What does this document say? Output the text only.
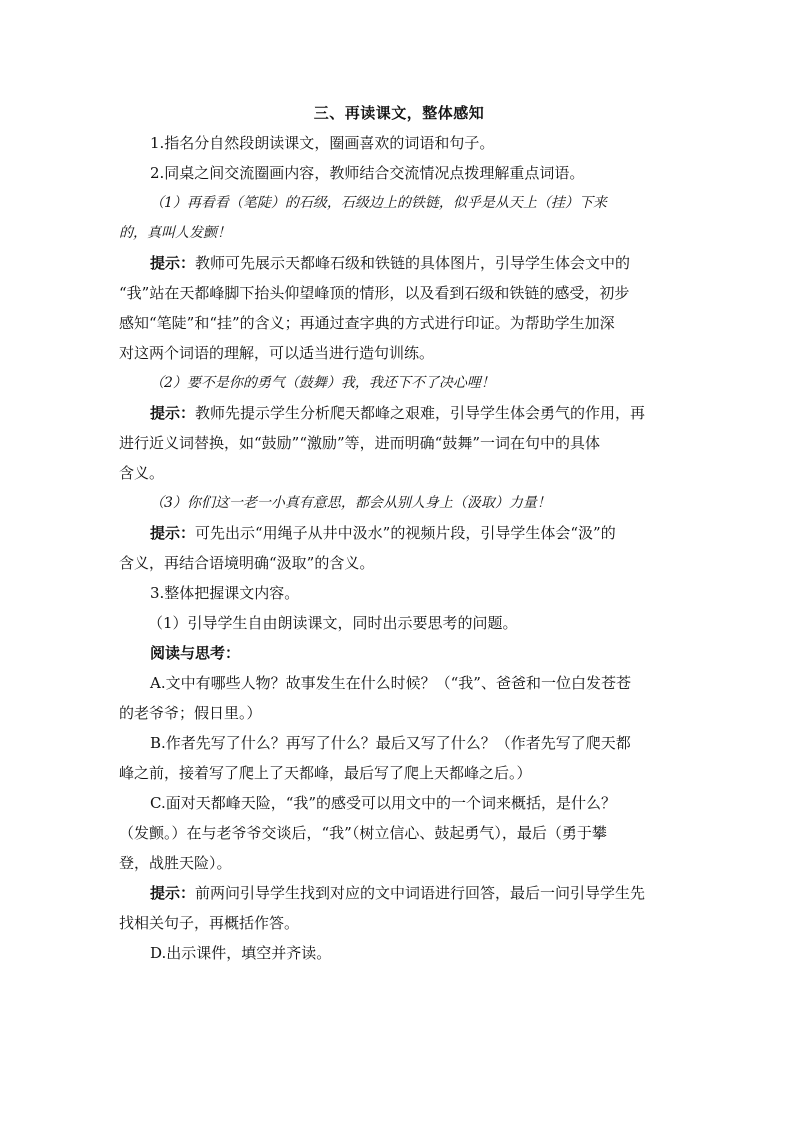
三、再读课文，整体感知
1.指名分自然段朗读课文，圈画喜欢的词语和句子。
2.同桌之间交流圈画内容，教师结合交流情况点拨理解重点词语。
（1）再看看（笔陡）的石级，石级边上的铁链，似乎是从天上（挂）下来
的，真叫人发颤！
提示：教师可先展示天都峰石级和铁链的具体图片，引导学生体会文中的
“我”站在天都峰脚下抬头仰望峰顶的情形，以及看到石级和铁链的感受，初步
感知“笔陡”和“挂”的含义；再通过查字典的方式进行印证。为帮助学生加深
对这两个词语的理解，可以适当进行造句训练。
（2）要不是你的勇气（鼓舞）我，我还下不了决心哩！
提示：教师先提示学生分析爬天都峰之艰难，引导学生体会勇气的作用，再
进行近义词替换，如“鼓励”“激励”等，进而明确“鼓舞”一词在句中的具体
含义。
（3）你们这一老一小真有意思，都会从别人身上（汲取）力量！
提示：可先出示“用绳子从井中汲水”的视频片段，引导学生体会“汲”的
含义，再结合语境明确“汲取”的含义。
3.整体把握课文内容。
（1）引导学生自由朗读课文，同时出示要思考的问题。
阅读与思考：
A.文中有哪些人物？故事发生在什么时候？（“我”、爸爸和一位白发苍苍
的老爷爷；假日里。）
B.作者先写了什么？再写了什么？最后又写了什么？（作者先写了爬天都
峰之前，接着写了爬上了天都峰，最后写了爬上天都峰之后。）
C.面对天都峰天险，“我”的感受可以用文中的一个词来概括，是什么？
（发颤。）在与老爷爷交谈后，“我”（树立信心、鼓起勇气），最后（勇于攀
登，战胜天险）。
提示：前两问引导学生找到对应的文中词语进行回答，最后一问引导学生先
找相关句子，再概括作答。
D.出示课件，填空并齐读。
